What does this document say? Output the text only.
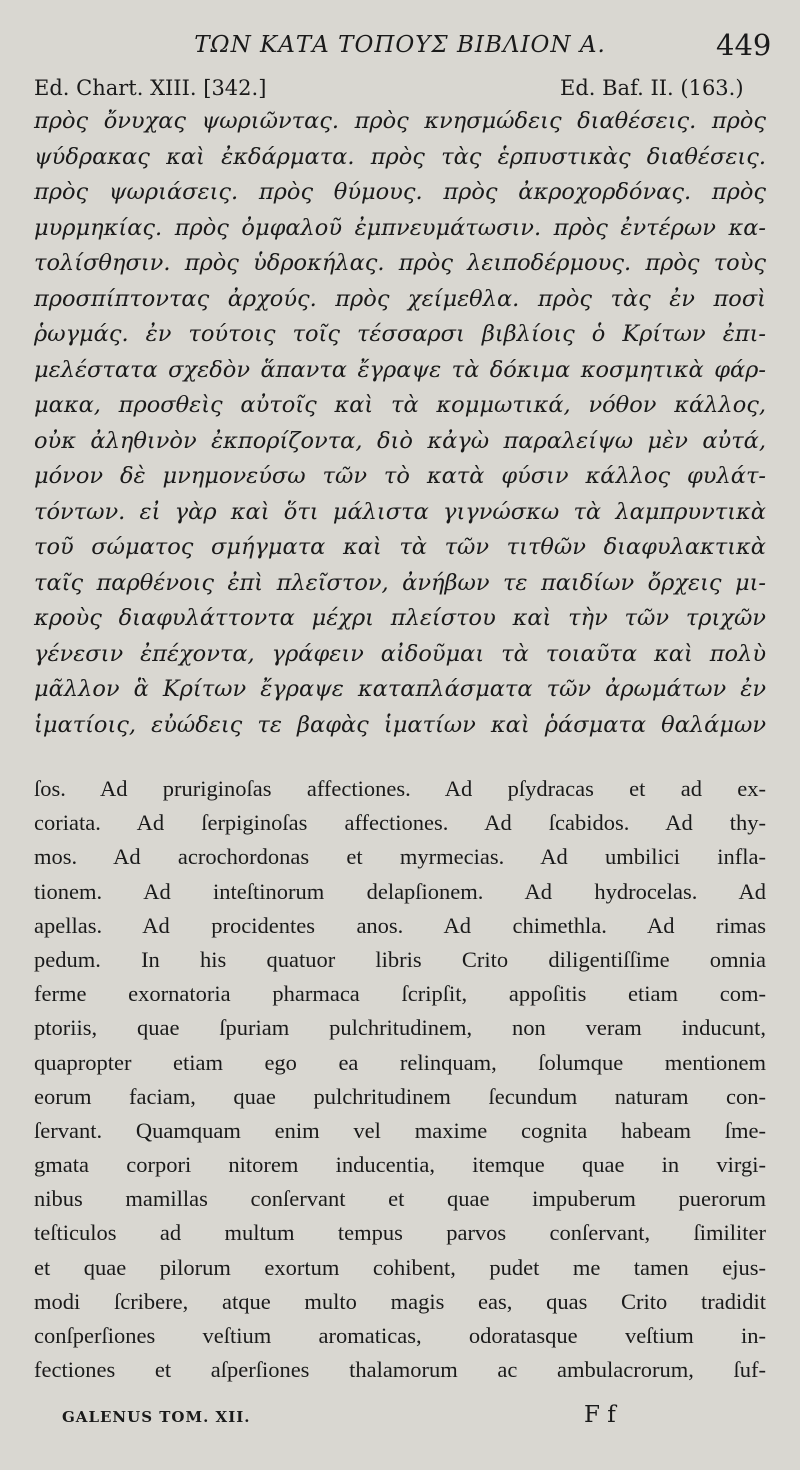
ΤΩΝ ΚΑΤΑ ΤΟΠΟΥΣ ΒΙΒΛΙΟΝ Α.	449
Ed. Chart. XIII. [342.]	Ed. Baf. II. (163.)
πρὸς ὄνυχας ψωριῶντας. πρὸς κνησμώδεις διαθέσεις. πρὸς
ψύδρακας καὶ ἐκδάρματα. πρὸς τὰς ἑρπυστικὰς διαθέσεις.
πρὸς ψωριάσεις. πρὸς θύμους. πρὸς ἀκροχορδόνας. πρὸς
μυρμηκίας. πρὸς ὀμφαλοῦ ἐμπνευμάτωσιν. πρὸς ἐντέρων κα-
τολίσθησιν. πρὸς ὑδροκήλας. πρὸς λειποδέρμους. πρὸς τοὺς
προσπίπτοντας ἀρχούς. πρὸς χείμεθλα. πρὸς τὰς ἐν ποσὶ
ῥωγμάς. ἐν τούτοις τοῖς τέσσαρσι βιβλίοις ὁ Κρίτων ἐπι-
μελέστατα σχεδὸν ἅπαντα ἔγραψε τὰ δόκιμα κοσμητικὰ φάρ-
μακα, προσθεὶς αὐτοῖς καὶ τὰ κομμωτικά, νόθον κάλλος,
οὐκ ἀληθινὸν ἐκπορίζοντα, διὸ κἀγὼ παραλείψω μὲν αὐτά,
μόνον δὲ μνημονεύσω τῶν τὸ κατὰ φύσιν κάλλος φυλάτ-
τόντων. εἰ γὰρ καὶ ὅτι μάλιστα γιγνώσκω τὰ λαμπρυντικὰ
τοῦ σώματος σμήγματα καὶ τὰ τῶν τιτθῶν διαφυλακτικὰ
ταῖς παρθένοις ἐπὶ πλεῖστον, ἀνήβων τε παιδίων ὄρχεις μι-
κροὺς διαφυλάττοντα μέχρι πλείστου καὶ τὴν τῶν τριχῶν
γένεσιν ἐπέχοντα, γράφειν αἰδοῦμαι τὰ τοιαῦτα καὶ πολὺ
μᾶλλον ἃ Κρίτων ἔγραψε καταπλάσματα τῶν ἀρωμάτων ἐν
ἱματίοις, εὐώδεις τε βαφὰς ἱματίων καὶ ῥάσματα θαλάμων
ſos. Ad pruriginoſas affectiones. Ad pſydracas et ad ex-
coriata. Ad ſerpiginoſas affectiones. Ad ſcabidos. Ad thy-
mos. Ad acrochordonas et myrmecias. Ad umbilici infla-
tionem. Ad inteſtinorum delapſionem. Ad hydrocelas. Ad
apellas. Ad procidentes anos. Ad chimethla. Ad rimas
pedum. In his quatuor libris Crito diligentiſſime omnia
ferme exornatoria pharmaca ſcripſit, appoſitis etiam com-
ptoriis, quae ſpuriam pulchritudinem, non veram inducunt,
quapropter etiam ego ea relinquam, ſolumque mentionem
eorum faciam, quae pulchritudinem ſecundum naturam con-
ſervant. Quamquam enim vel maxime cognita habeam ſme-
gmata corpori nitorem inducentia, itemque quae in virgi-
nibus mamillas conſervant et quae impuberum puerorum
teſticulos ad multum tempus parvos conſervant, ſimiliter
et quae pilorum exortum cohibent, pudet me tamen ejus-
modi ſcribere, atque multo magis eas, quas Crito tradidit
conſperſiones veſtium aromaticas, odoratasque veſtium in-
fectiones et aſperſiones thalamorum ac ambulacrorum, ſuf-
GALENUS TOM. XII.	F f
